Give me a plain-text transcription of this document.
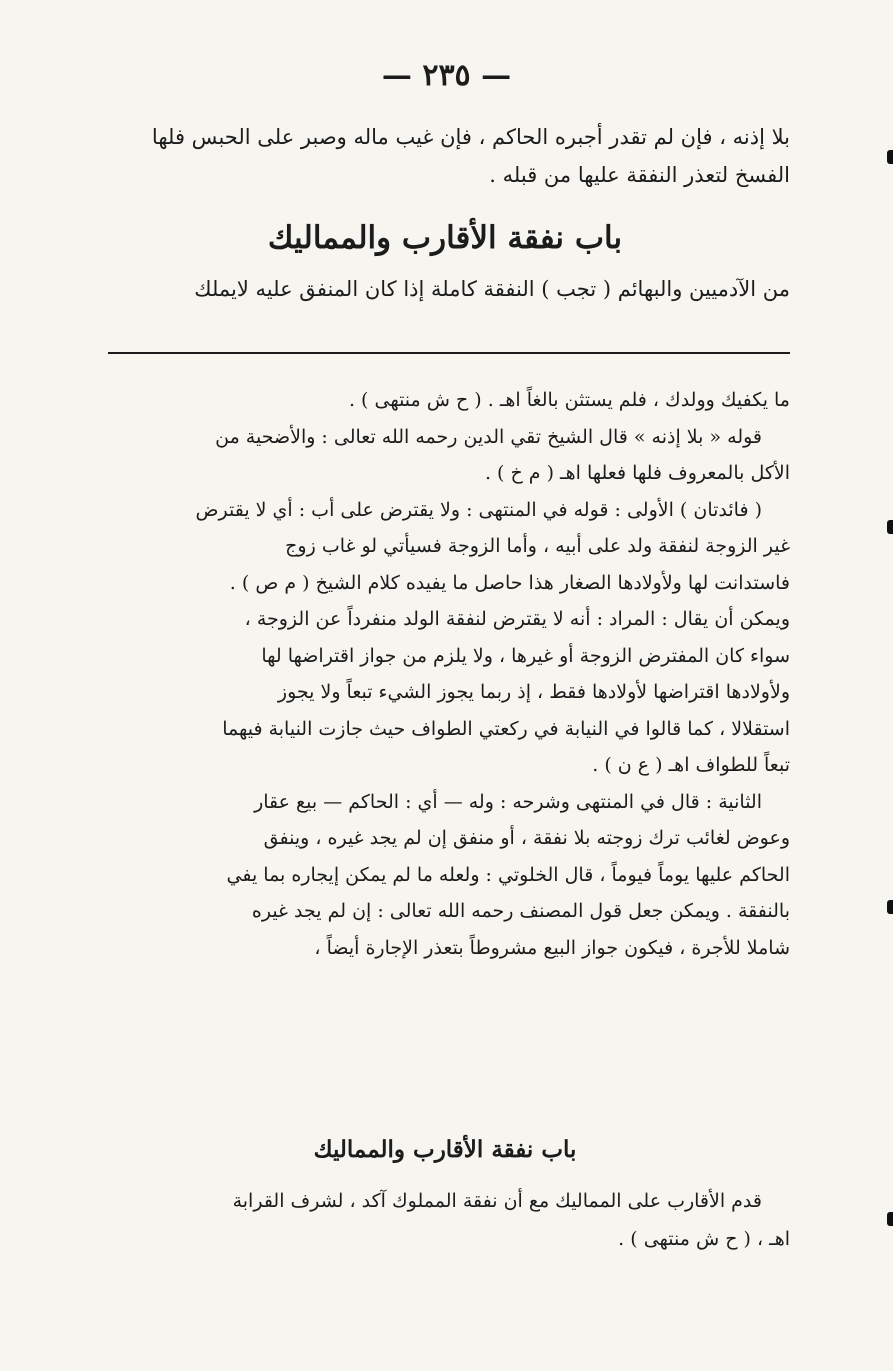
— ٢٣٥ —
بلا إذنه ، فإن لم تقدر أجبره الحاكم ، فإن غيب ماله وصبر على الحبس فلها
الفسخ لتعذر النفقة عليها من قبله .
باب نفقة الأقارب والمماليك
من الآدميين والبهائم ( تجب ) النفقة كاملة إذا كان المنفق عليه لايملك
ما يكفيك وولدك ، فلم يستثن بالغاً اهـ . ( ح ش منتهى ) .
قوله « بلا إذنه » قال الشيخ تقي الدين رحمه الله تعالى : والأضحية من
الأكل بالمعروف فلها فعلها اهـ ( م خ ) .
( فائدتان ) الأولى : قوله في المنتهى : ولا يقترض على أب : أي لا يقترض
غير الزوجة لنفقة ولد على أبيه ، وأما الزوجة فسيأتي لو غاب زوج
فاستدانت لها ولأولادها الصغار هذا حاصل ما يفيده كلام الشيخ ( م ص ) .
ويمكن أن يقال : المراد : أنه لا يقترض لنفقة الولد منفرداً عن الزوجة ،
سواء كان المفترض الزوجة أو غيرها ، ولا يلزم من جواز اقتراضها لها
ولأولادها اقتراضها لأولادها فقط ، إذ ربما يجوز الشيء تبعاً ولا يجوز
استقلالا ، كما قالوا في النيابة في ركعتي الطواف حيث جازت النيابة فيهما
تبعاً للطواف اهـ ( ع ن ) .
الثانية : قال في المنتهى وشرحه : وله — أي : الحاكم — بيع عقار
وعوض لغائب ترك زوجته بلا نفقة ، أو منفق إن لم يجد غيره ، وينفق
الحاكم عليها يوماً فيوماً ، قال الخلوتي : ولعله ما لم يمكن إيجاره بما يفي
بالنفقة . ويمكن جعل قول المصنف رحمه الله تعالى : إن لم يجد غيره
شاملا للأجرة ، فيكون جواز البيع مشروطاً بتعذر الإجارة أيضاً ،
باب نفقة الأقارب والمماليك
قدم الأقارب على المماليك مع أن نفقة المملوك آكد ، لشرف القرابة
اهـ ، ( ح ش منتهى ) .
